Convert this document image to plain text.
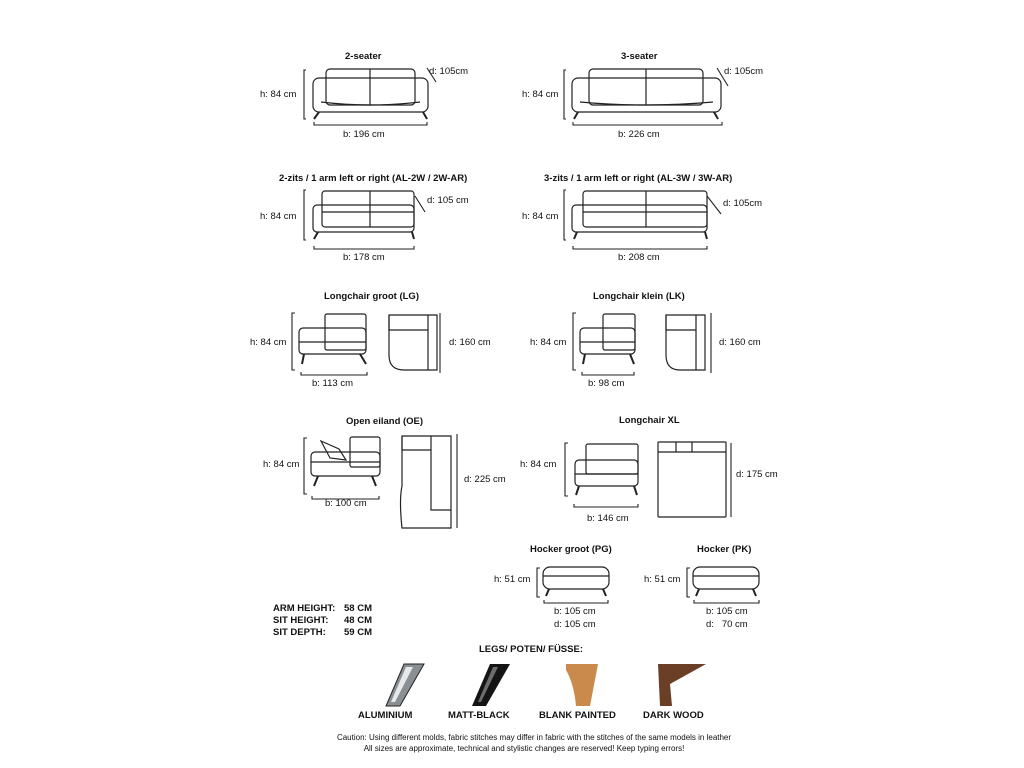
2-seater
h: 84 cm
d: 105cm
b: 196 cm
3-seater
h: 84 cm
d: 105cm
b: 226 cm
2-zits / 1 arm left or right (AL-2W / 2W-AR)
h: 84 cm
d: 105 cm
b: 178 cm
3-zits / 1 arm left or right (AL-3W / 3W-AR)
h: 84 cm
d: 105cm
b: 208 cm
Longchair groot (LG)
h: 84 cm	d: 160 cm
b: 113 cm
Longchair klein (LK)
h: 84 cm	d: 160 cm
b: 98 cm
Open eiland (OE)
h: 84 cm
d: 225 cm
b: 100 cm
Longchair XL
h: 84 cm
d: 175 cm
b: 146 cm
Hocker groot (PG)
h: 51 cm
b: 105 cm
d: 105 cm
Hocker (PK)
h: 51 cm
b: 105 cm
d:   70 cm
ARM HEIGHT: 58 CM
SIT HEIGHT:	48 CM
SIT DEPTH:	59 CM
LEGS/ POTEN/ FÜSSE:
ALUMINIUM	MATT-BLACK	BLANK PAINTED	DARK WOOD
Caution: Using different molds, fabric stitches may differ in fabric with the stitches of the same models in leather
All sizes are approximate, technical and stylistic changes are reserved! Keep typing errors!
